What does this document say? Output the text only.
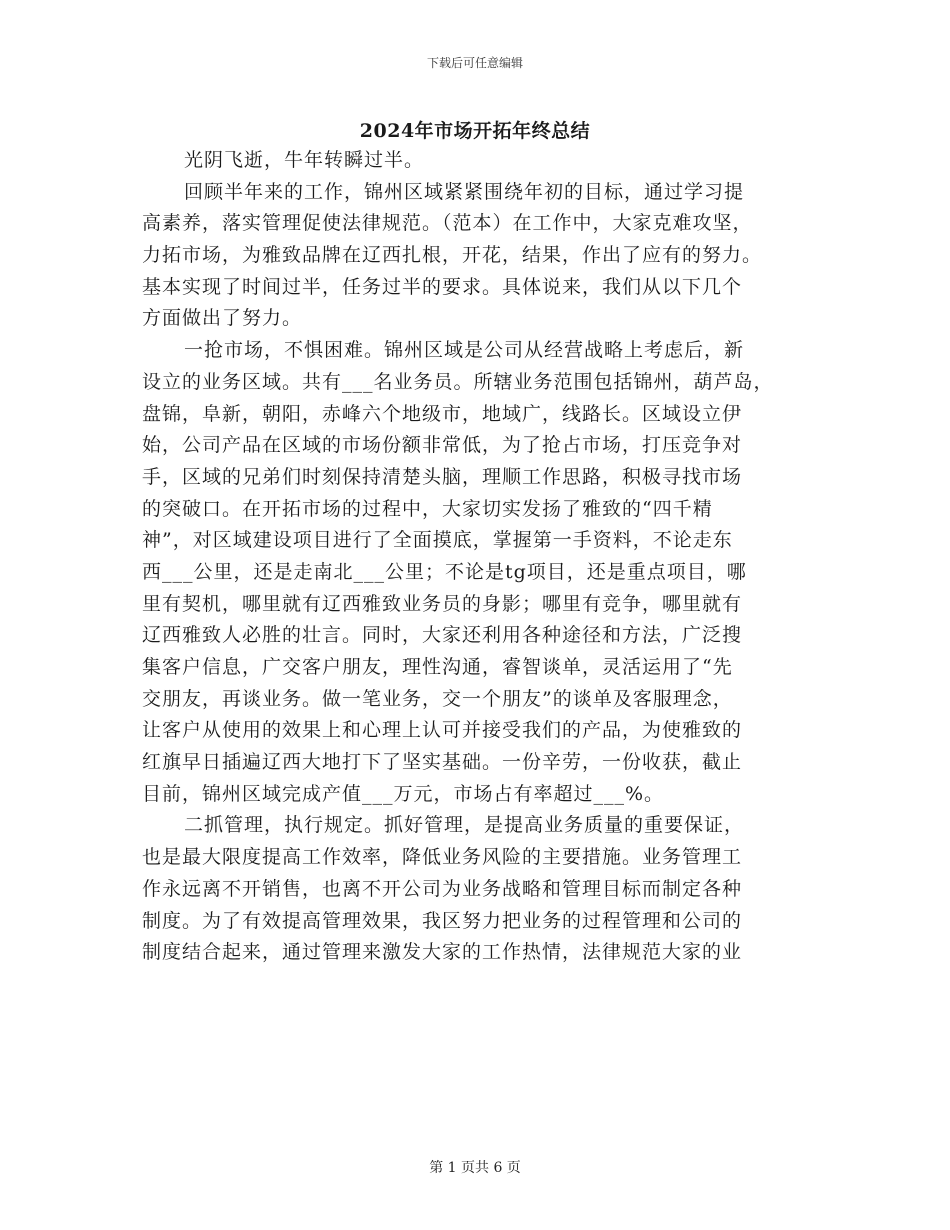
下载后可任意编辑
2024年市场开拓年终总结
光阴飞逝，牛年转瞬过半。
回顾半年来的工作，锦州区域紧紧围绕年初的目标，通过学习提
高素养，落实管理促使法律规范。（范本）在工作中，大家克难攻坚，
力拓市场，为雅致品牌在辽西扎根，开花，结果，作出了应有的努力。
基本实现了时间过半，任务过半的要求。具体说来，我们从以下几个
方面做出了努力。
一抢市场，不惧困难。锦州区域是公司从经营战略上考虑后，新
设立的业务区域。共有___名业务员。所辖业务范围包括锦州，葫芦岛，
盘锦，阜新，朝阳，赤峰六个地级市，地域广，线路长。区域设立伊
始，公司产品在区域的市场份额非常低，为了抢占市场，打压竞争对
手，区域的兄弟们时刻保持清楚头脑，理顺工作思路，积极寻找市场
的突破口。在开拓市场的过程中，大家切实发扬了雅致的“四千精
神”，对区域建设项目进行了全面摸底，掌握第一手资料，不论走东
西___公里，还是走南北___公里；不论是tg项目，还是重点项目，哪
里有契机，哪里就有辽西雅致业务员的身影；哪里有竞争，哪里就有
辽西雅致人必胜的壮言。同时，大家还利用各种途径和方法，广泛搜
集客户信息，广交客户朋友，理性沟通，睿智谈单，灵活运用了“先
交朋友，再谈业务。做一笔业务，交一个朋友”的谈单及客服理念，
让客户从使用的效果上和心理上认可并接受我们的产品，为使雅致的
红旗早日插遍辽西大地打下了坚实基础。一份辛劳，一份收获，截止
目前，锦州区域完成产值___万元，市场占有率超过___%。
二抓管理，执行规定。抓好管理，是提高业务质量的重要保证，
也是最大限度提高工作效率，降低业务风险的主要措施。业务管理工
作永远离不开销售，也离不开公司为业务战略和管理目标而制定各种
制度。为了有效提高管理效果，我区努力把业务的过程管理和公司的
制度结合起来，通过管理来激发大家的工作热情，法律规范大家的业
第 1 页共 6 页
